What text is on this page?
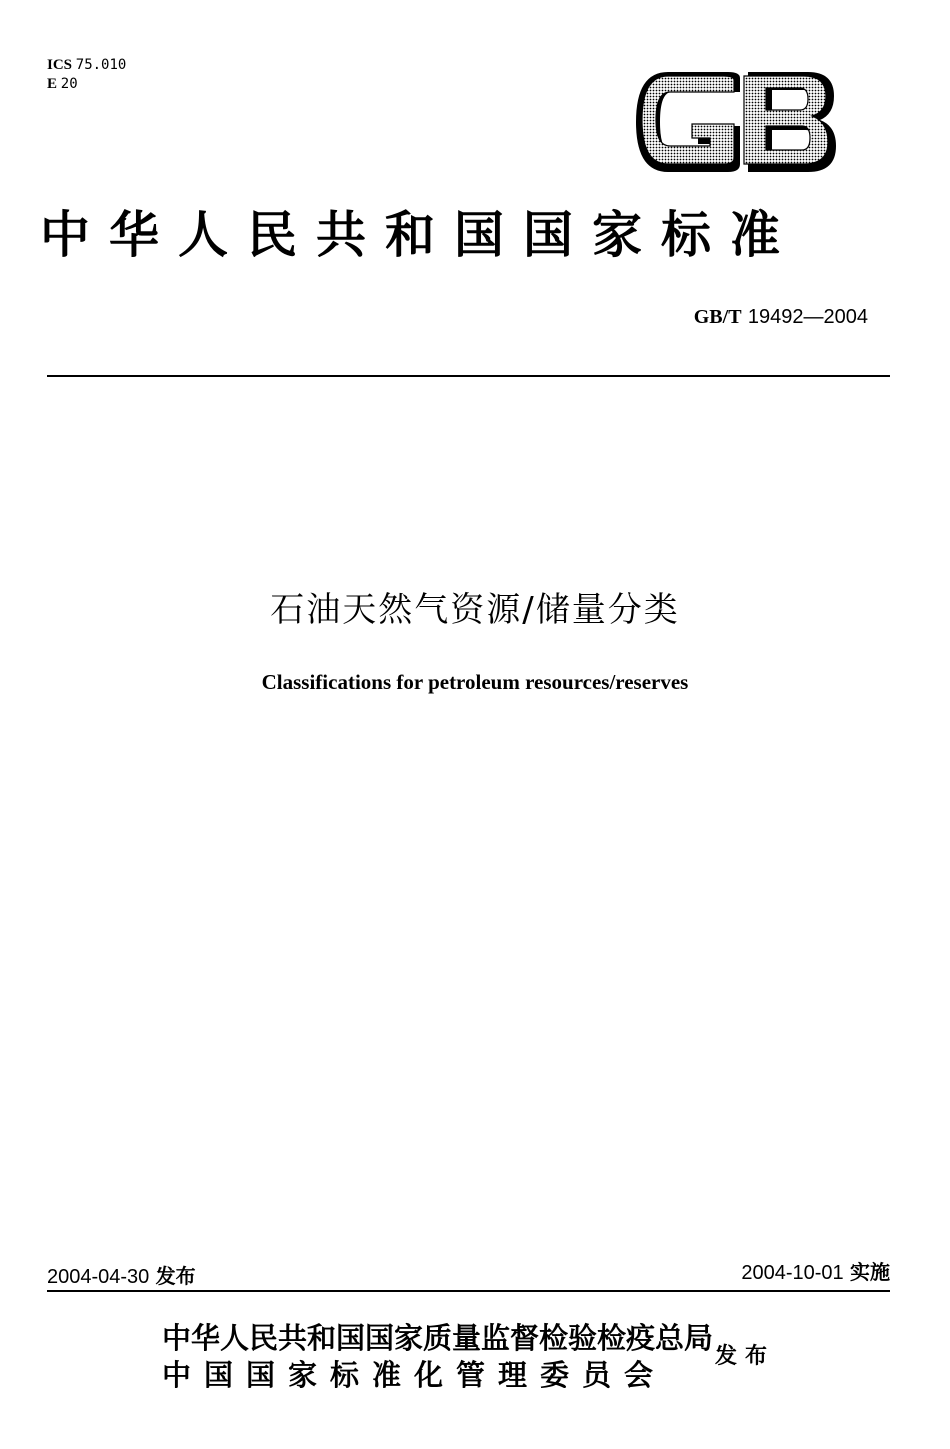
ICS 75.010
E 20
GB
中华人民共和国国家标准
GB/T 19492—2004
石油天然气资源/储量分类
Classifications for petroleum resources/reserves
2004-04-30 发布	2004-10-01 实施
中华人民共和国国家质量监督检验检疫总局
中国国家标准化管理委员会
发布
